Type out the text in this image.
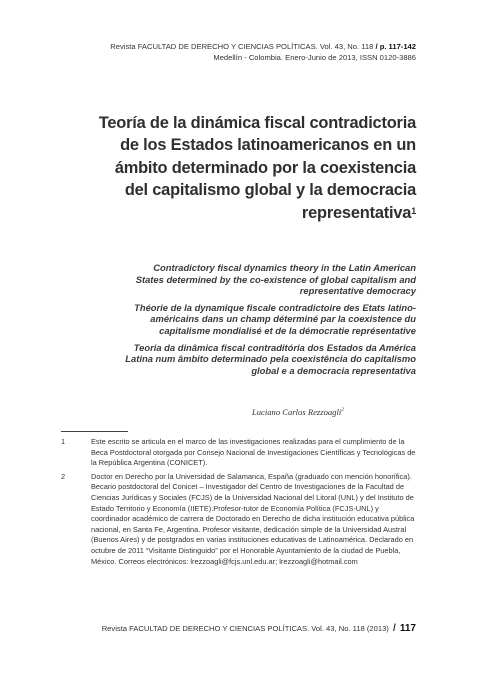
Revista FACULTAD DE DERECHO Y CIENCIAS POLÍTICAS. Vol. 43, No. 118 / p. 117-142
Medellín - Colombia. Enero-Junio de 2013, ISSN 0120-3886
Teoría de la dinámica fiscal contradictoria
de los Estados latinoamericanos en un
ámbito determinado por la coexistencia
del capitalismo global y la democracia
representativa$^1$

Contradictory fiscal dynamics theory in the Latin American
States determined by the co-existence of global capitalism and
representative democracy

Théorie de la dynamique fiscale contradictoire des Etats latino-
américains dans un champ déterminé par la coexistence du
capitalisme mondialisé et de la démocratie représentative

Teoria da dinâmica fiscal contraditória dos Estados da América
Latina num âmbito determinado pela coexistência do capitalismo
global e a democracia representativa

Luciano Carlos Rezzoagli$^2$
1	Este escrito se articula en el marco de las investigaciones realizadas para el cumplimiento de la Beca Postdoctoral otorgada por Consejo Nacional de Investigaciones Científicas y Tecnológicas de la República Argentina (CONICET).
2	Doctor en Derecho por la Universidad de Salamanca, España (graduado con mención honorífica). Becario postdoctoral del Conicet – Investigador del Centro de Investigaciones de la Facultad de Ciencias Jurídicas y Sociales (FCJS) de la Universidad Nacional del Litoral (UNL) y del Instituto de Estado Territorio y Economía (IIETE).Profesor-tutor de Economía Política (FCJS-UNL) y coordinador académico de carrera de Doctorado en Derecho de dicha institución educativa pública nacional, en Santa Fe, Argentina. Profesor visitante, dedicación simple de la Universidad Austral (Buenos Aires) y de postgrados en varias instituciones educativas de Latinoamérica. Declarado en octubre de 2011 “Visitante Distinguido” por el Honorable Ayuntamiento de la ciudad de Puebla, México. Correos electrónicos: lrezzoagli@fcjs.unl.edu.ar; lrezzoagli@hotmail.com
Revista FACULTAD DE DERECHO Y CIENCIAS POLÍTICAS. Vol. 43, No. 118 (2013) / 117
